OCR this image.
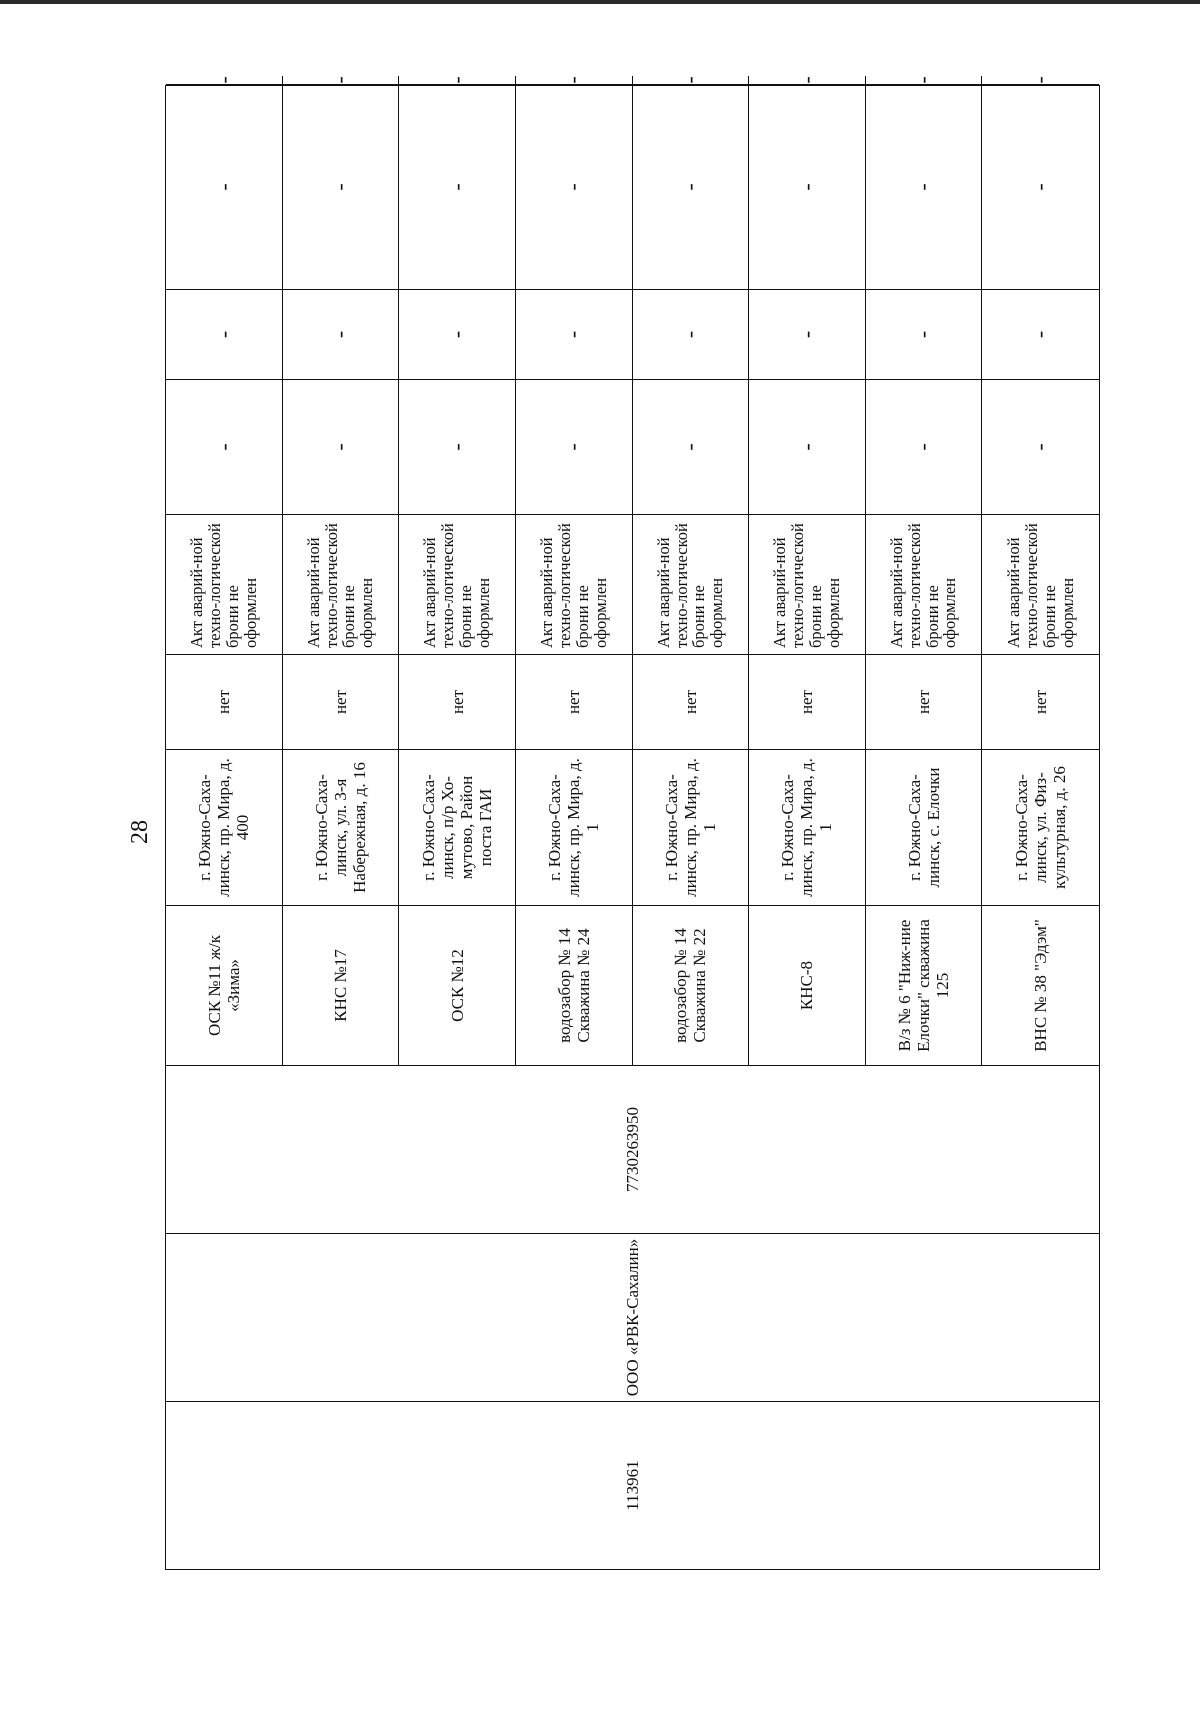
28
113961
ООО «РВК-Сахалин»
7730263950
ОСК №11 ж/к «Зима»
г. Южно-Саха-линск, пр. Мира, д. 400
нет
Акт аварий-ной техно-логической брони не оформлен
-
-
-
-
КНС №17
г. Южно-Саха-линск, ул. 3-я Набережная, д. 16
нет
Акт аварий-ной техно-логической брони не оформлен
-
-
-
-
ОСК №12
г. Южно-Саха-линск, п/р Хо-мутово, Район поста ГАИ
нет
Акт аварий-ной техно-логической брони не оформлен
-
-
-
-
водозабор № 14 Скважина № 24
г. Южно-Саха-линск, пр. Мира, д. 1
нет
Акт аварий-ной техно-логической брони не оформлен
-
-
-
-
водозабор № 14 Скважина № 22
г. Южно-Саха-линск, пр. Мира, д. 1
нет
Акт аварий-ной техно-логической брони не оформлен
-
-
-
-
КНС-8
г. Южно-Саха-линск, пр. Мира, д. 1
нет
Акт аварий-ной техно-логической брони не оформлен
-
-
-
-
В/з № 6 "Ниж-ние Елочки" скважина 125
г. Южно-Саха-линск, с. Елочки
нет
Акт аварий-ной техно-логической брони не оформлен
-
-
-
-
ВНС № 38 "Эдэм"
г. Южно-Саха-линск, ул. Физ-культурная, д. 26
нет
Акт аварий-ной техно-логической брони не оформлен
-
-
-
-
